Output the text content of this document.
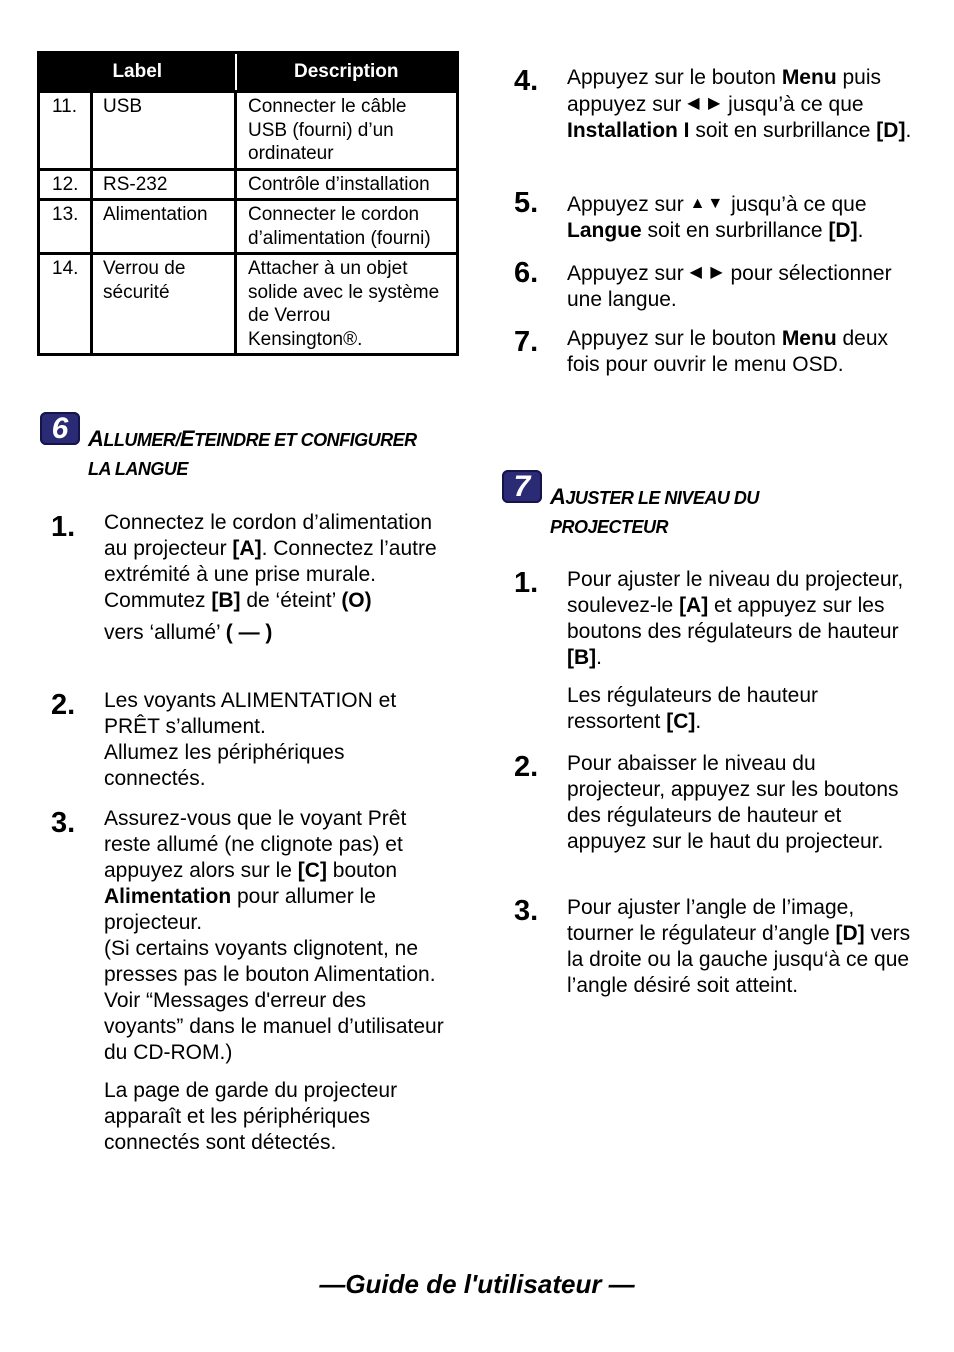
Label		Description
11.	USB	Connecter le câble USB (fourni) d’un ordinateur
12.	RS-232	Contrôle d’installation
13.	Alimentation	Connecter le cordon d’alimentation (fourni)
14.	Verrou de sécurité	Attacher à un objet solide avec le système de Verrou Kensington®.
6 ALLUMER/ETEINDRE ET CONFIGURER
LA LANGUE
1. Connectez le cordon d’alimentation au projecteur [A]. Connectez l’autre extrémité à une prise murale.

Commutez [B] de ‘éteint’ (O)

vers ‘allumé’ ( — )

2. Les voyants ALIMENTATION et PRÊT s’allument.

Allumez les périphériques connectés.

3. Assurez-vous que le voyant Prêt reste allumé (ne clignote pas) et appuyez alors sur le [C] bouton Alimentation pour allumer le projecteur.

(Si certains voyants clignotent, ne presses pas le bouton Alimentation. Voir “Messages d'erreur des voyants” dans le manuel d’utilisateur du CD-ROM.)

La page de garde du projecteur apparaît et les périphériques connectés sont détectés.

4. Appuyez sur le bouton Menu puis appuyez sur ◀ ▶ jusqu’à ce que Installation I soit en surbrillance [D].

5. Appuyez sur ▲▼ jusqu’à ce que Langue soit en surbrillance [D].

6. Appuyez sur ◀ ▶ pour sélectionner une langue.

7. Appuyez sur le bouton Menu deux fois pour ouvrir le menu OSD.

7 AJUSTER LE NIVEAU DU
PROJECTEUR
1. Pour ajuster le niveau du projecteur, soulevez-le [A] et appuyez sur les boutons des régulateurs de hauteur [B].

Les régulateurs de hauteur ressortent [C].

2. Pour abaisser le niveau du projecteur, appuyez sur les boutons des régulateurs de hauteur et appuyez sur le haut du projecteur.

3. Pour ajuster l’angle de l’image, tourner le régulateur d’angle [D] vers la droite ou la gauche jusqu‘à ce que l’angle désiré soit atteint.

—Guide de l'utilisateur —
